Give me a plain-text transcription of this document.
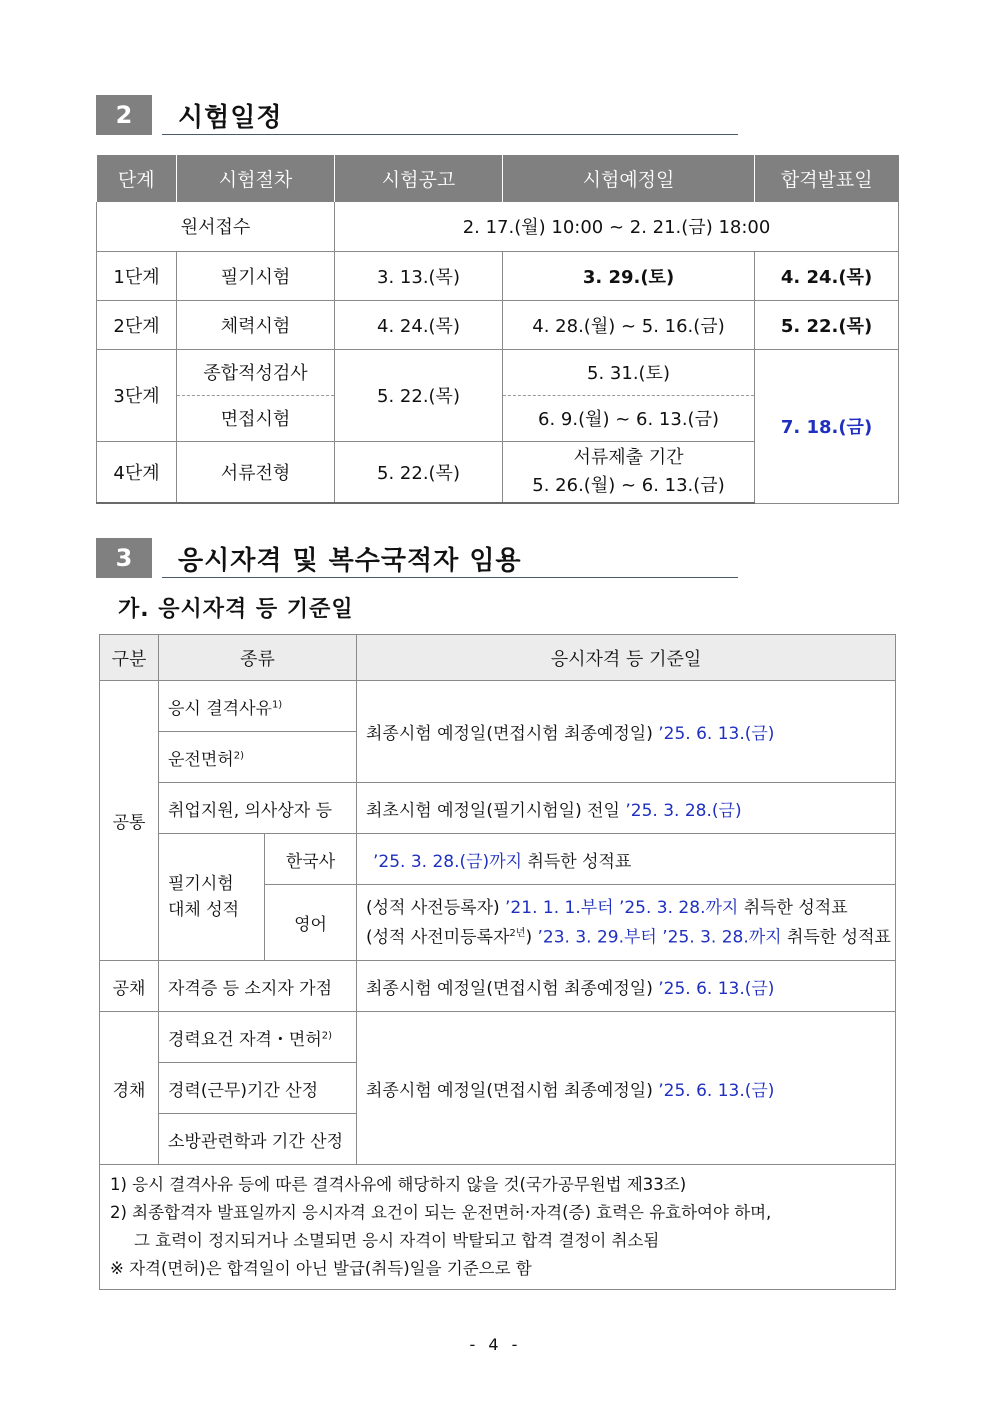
2	시험일정
단계	시험절차	시험공고	시험예정일	합격발표일
원서접수		2. 17.(월) 10:00 ~ 2. 21.(금) 18:00		
1단계	필기시험	3. 13.(목)	3. 29.(토)	4. 24.(목)
2단계	체력시험	4. 24.(목)	4. 28.(월) ~ 5. 16.(금)	5. 22.(목)
3단계	종합적성검사	5. 22.(목)	5. 31.(토)	7. 18.(금)
	면접시험		6. 9.(월) ~ 6. 13.(금)	
4단계	서류전형	5. 22.(목)	서류제출 기간
5. 26.(월) ~ 6. 13.(금)	
3	응시자격 및 복수국적자 임용
가. 응시자격 등 기준일
구분	종류		응시자격 등 기준일
공통	응시 결격사유$^{1)}$		최종시험 예정일(면접시험 최종예정일) ’25. 6. 13.(금)
	운전면허$^{2)}$
	취업지원, 의사상자 등		최초시험 예정일(필기시험일) 전일 ’25. 3. 28.(금)

	필기시험
대체 성적	한국사	’25. 3. 28.(금)까지 취득한 성적표
		영어	(성적 사전등록자) ’21. 1. 1.부터 ’25. 3. 28.까지 취득한 성적표
(성적 사전미등록자$^{2년}$) ’23. 3. 29.부터 ’25. 3. 28.까지 취득한 성적표

공채	자격증 등 소지자 가점		최종시험 예정일(면접시험 최종예정일) ’25. 6. 13.(금)
경채	경력요건 자격・면허$^{2)}$		최종시험 예정일(면접시험 최종예정일) ’25. 6. 13.(금)
	경력(근무)기간 산정		
	소방관련학과 기간 산정		

1) 응시 결격사유 등에 따른 결격사유에 해당하지 않을 것(국가공무원법 제33조)
2) 최종합격자 발표일까지 응시자격 요건이 되는 운전면허·자격(증) 효력은 유효하여야 하며,
그 효력이 정지되거나 소멸되면 응시 자격이 박탈되고 합격 결정이 취소됨
※ 자격(면허)은 합격일이 아닌 발급(취득)일을 기준으로 함			
- 4 -
